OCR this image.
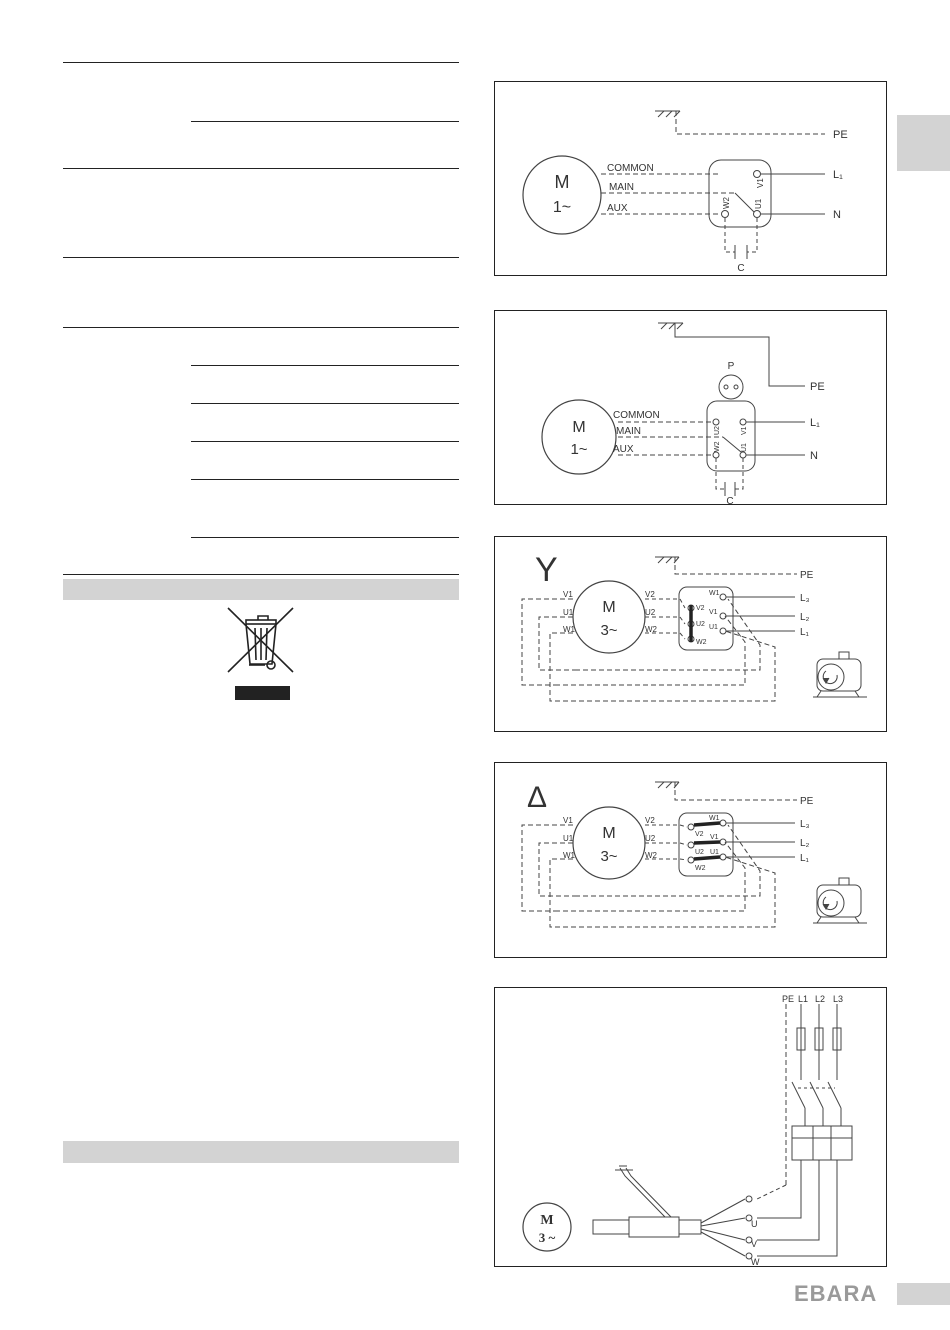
M
1~
COMMON
MAIN
AUX
V1
W2	U1
PE
L₁
N
C
M
1~
P
COMMON
MAIN
AUX
U2	V1
W2	U1
PE
L₁
N
C
Y
M
3~
V1
U1
W1
V2
U2
W2
W1
V2
V1
U2 U1
W2
PE
L₃
L₂
L₁
Δ
M
3~
V1
U1
W1
V2
U2
W2
W1
V2 V1
U2 U1
W2
PE
L₃
L₂
L₁
M
3 ~
PE L1 L2 L3
U
V
W
EBARA
